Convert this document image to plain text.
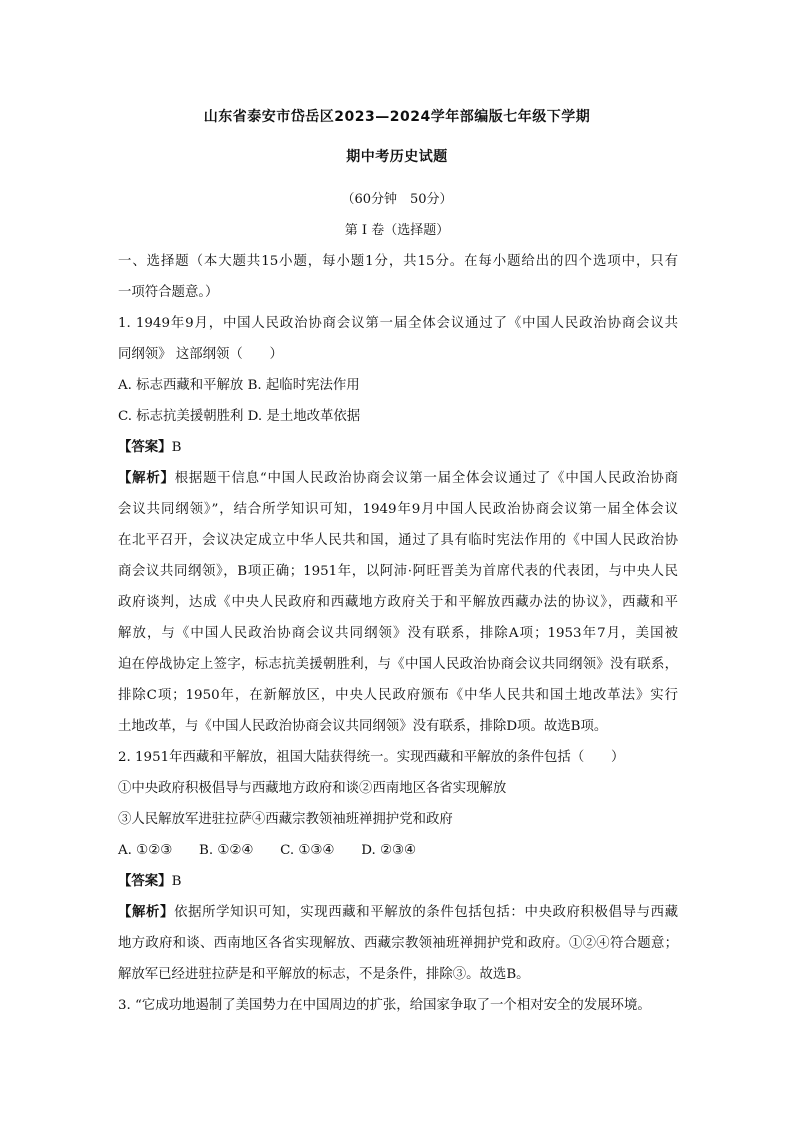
山东省泰安市岱岳区2023—2024学年部编版七年级下学期
期中考历史试题
（60分钟　50分）
第 I 卷（选择题）
一、选择题（本大题共15小题，每小题1分，共15分。在每小题给出的四个选项中，只有
一项符合题意。）
1. 1949年9月，中国人民政治协商会议第一届全体会议通过了《中国人民政治协商会议共
同纲领》 这部纲领（　　）
A. 标志西藏和平解放 B. 起临时宪法作用
C. 标志抗美援朝胜利 D. 是土地改革依据
【答案】B
【解析】根据题干信息“中国人民政治协商会议第一届全体会议通过了《中国人民政治协商
会议共同纲领》”，结合所学知识可知，1949年9月中国人民政治协商会议第一届全体会议
在北平召开，会议决定成立中华人民共和国，通过了具有临时宪法作用的《中国人民政治协
商会议共同纲领》，B项正确；1951年，以阿沛·阿旺晋美为首席代表的代表团，与中央人民
政府谈判，达成《中央人民政府和西藏地方政府关于和平解放西藏办法的协议》，西藏和平
解放，与《中国人民政治协商会议共同纲领》没有联系，排除A项；1953年7月，美国被
迫在停战协定上签字，标志抗美援朝胜利，与《中国人民政治协商会议共同纲领》没有联系，
排除C项；1950年，在新解放区，中央人民政府颁布《中华人民共和国土地改革法》实行
土地改革，与《中国人民政治协商会议共同纲领》没有联系，排除D项。故选B项。
2. 1951年西藏和平解放，祖国大陆获得统一。实现西藏和平解放的条件包括（　　）
①中央政府积极倡导与西藏地方政府和谈②西南地区各省实现解放
③人民解放军进驻拉萨④西藏宗教领袖班禅拥护党和政府
A. ①②③　　B. ①②④　　C. ①③④　　D. ②③④
【答案】B
【解析】依据所学知识可知，实现西藏和平解放的条件包括包括：中央政府积极倡导与西藏
地方政府和谈、西南地区各省实现解放、西藏宗教领袖班禅拥护党和政府。①②④符合题意；
解放军已经进驻拉萨是和平解放的标志，不是条件，排除③。故选B。
3. “它成功地遏制了美国势力在中国周边的扩张，给国家争取了一个相对安全的发展环境。
